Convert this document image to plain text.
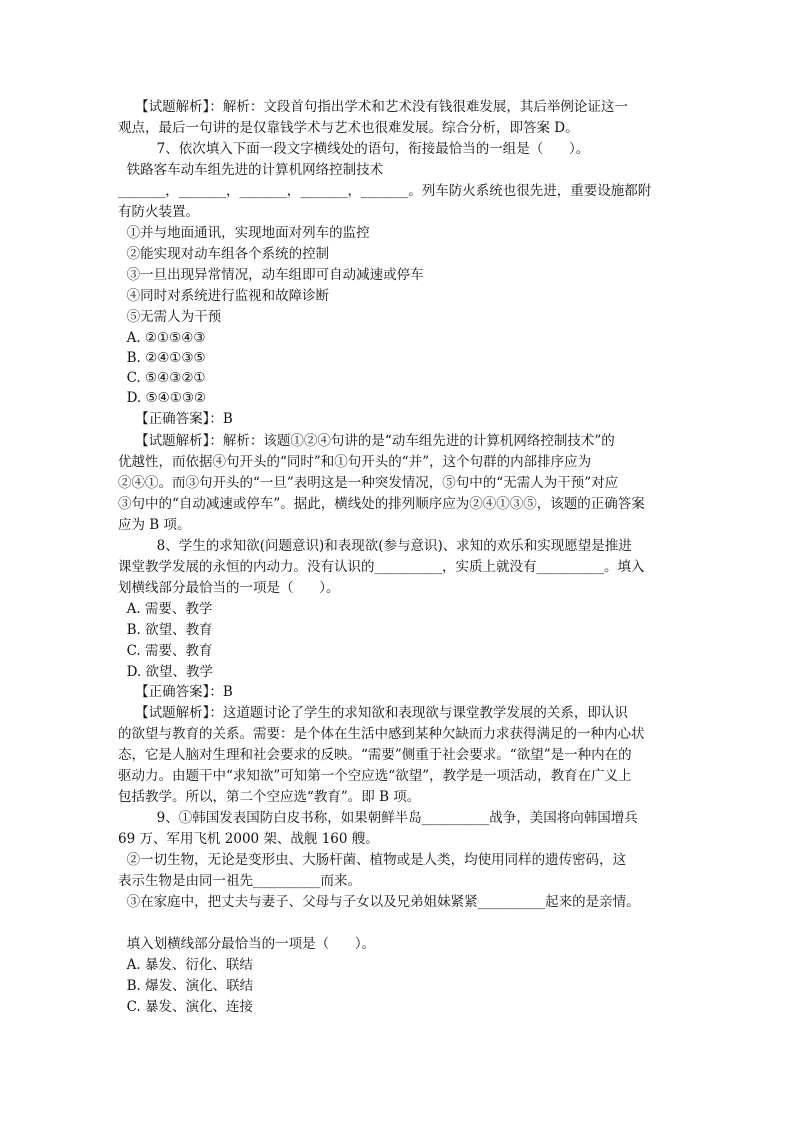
【试题解析】：解析：文段首句指出学术和艺术没有钱很难发展，其后举例论证这一
观点，最后一句讲的是仅靠钱学术与艺术也很难发展。综合分析，即答案 D。
7、依次填入下面一段文字横线处的语句，衔接最恰当的一组是（      ）。
铁路客车动车组先进的计算机网络控制技术
_______，_______，_______，_______，_______。列车防火系统也很先进，重要设施都附
有防火装置。
①并与地面通讯，实现地面对列车的监控
②能实现对动车组各个系统的控制
③一旦出现异常情况，动车组即可自动减速或停车
④同时对系统进行监视和故障诊断
⑤无需人为干预
A. ②①⑤④③
B. ②④①③⑤
C. ⑤④③②①
D. ⑤④①③②
【正确答案】：B
【试题解析】：解析：该题①②④句讲的是“动车组先进的计算机网络控制技术”的
优越性，而依据④句开头的“同时”和①句开头的“并”，这个句群的内部排序应为
②④①。而③句开头的“一旦”表明这是一种突发情况，⑤句中的“无需人为干预”对应
③句中的“自动减速或停车”。据此，横线处的排列顺序应为②④①③⑤，该题的正确答案
应为 B 项。
8、学生的求知欲(问题意识)和表现欲(参与意识)、求知的欢乐和实现愿望是推进
课堂教学发展的永恒的内动力。没有认识的__________，实质上就没有__________。填入
划横线部分最恰当的一项是（      ）。
A. 需要、教学
B. 欲望、教育
C. 需要、教育
D. 欲望、教学
【正确答案】：B
【试题解析】：这道题讨论了学生的求知欲和表现欲与课堂教学发展的关系，即认识
的欲望与教育的关系。需要：是个体在生活中感到某种欠缺而力求获得满足的一种内心状
态，它是人脑对生理和社会要求的反映。“需要”侧重于社会要求。“欲望”是一种内在的
驱动力。由题干中“求知欲”可知第一个空应选“欲望”，教学是一项活动，教育在广义上
包括教学。所以，第二个空应选“教育”。即 B 项。
9、①韩国发表国防白皮书称，如果朝鲜半岛__________战争，美国将向韩国增兵
69 万、军用飞机 2000 架、战舰 160 艘。
②一切生物，无论是变形虫、大肠杆菌、植物或是人类，均使用同样的遗传密码，这
表示生物是由同一祖先__________而来。
③在家庭中，把丈夫与妻子、父母与子女以及兄弟姐妹紧紧__________起来的是亲情。
填入划横线部分最恰当的一项是（      ）。
A. 暴发、衍化、联结
B. 爆发、演化、联结
C. 暴发、演化、连接
